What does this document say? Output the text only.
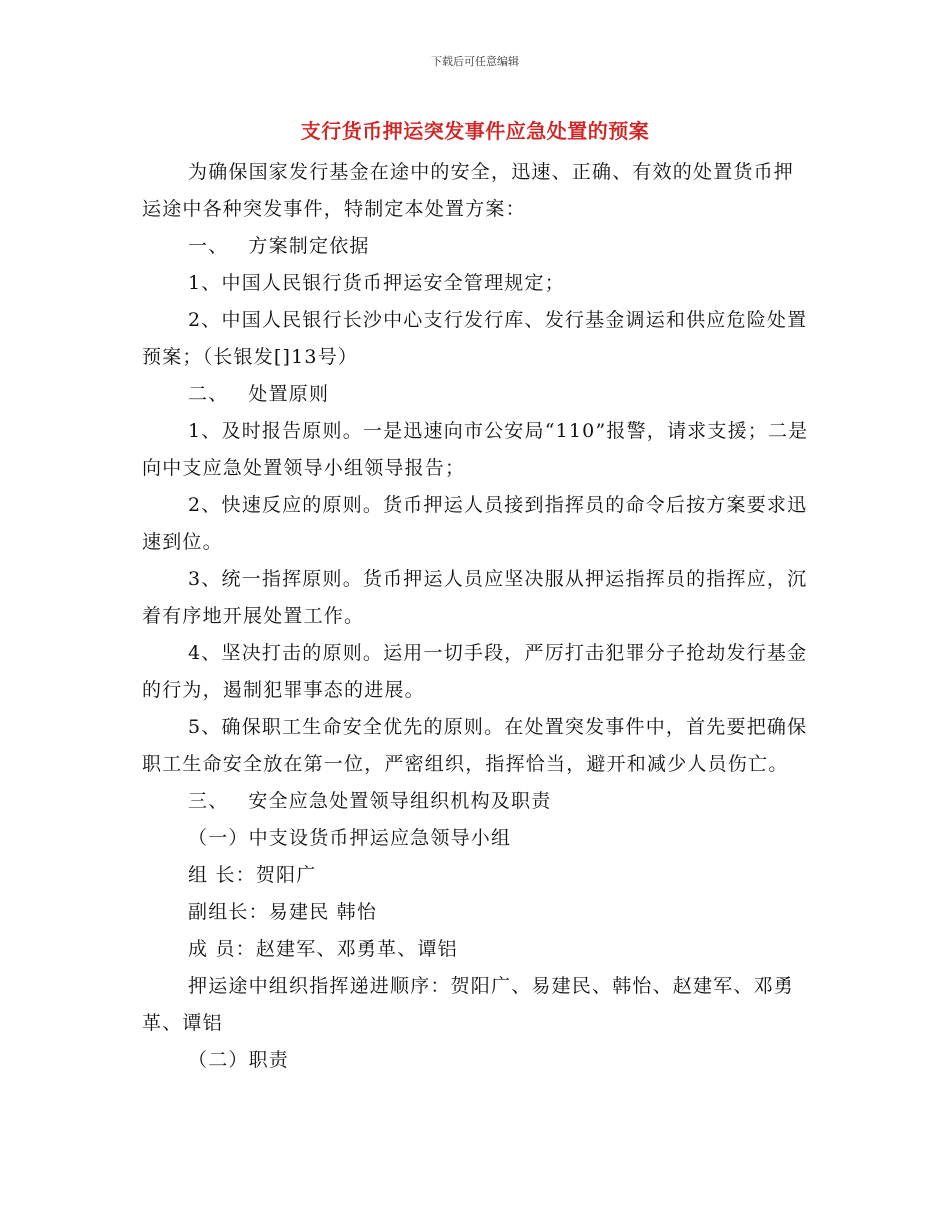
下载后可任意编辑
支行货币押运突发事件应急处置的预案

为确保国家发行基金在途中的安全，迅速、正确、有效的处置货币押运途中各种突发事件，特制定本处置方案：

一、 方案制定依据

1、中国人民银行货币押运安全管理规定；

2、中国人民银行长沙中心支行发行库、发行基金调运和供应危险处置预案；（长银发[]13号）

二、 处置原则

1、及时报告原则。一是迅速向市公安局“110”报警，请求支援；二是向中支应急处置领导小组领导报告；

2、快速反应的原则。货币押运人员接到指挥员的命令后按方案要求迅速到位。

3、统一指挥原则。货币押运人员应坚决服从押运指挥员的指挥应，沉着有序地开展处置工作。

4、坚决打击的原则。运用一切手段，严厉打击犯罪分子抢劫发行基金的行为，遏制犯罪事态的进展。

5、确保职工生命安全优先的原则。在处置突发事件中，首先要把确保职工生命安全放在第一位，严密组织，指挥恰当，避开和减少人员伤亡。

三、 安全应急处置领导组织机构及职责

（一）中支设货币押运应急领导小组

组 长：贺阳广

副组长：易建民 韩怡

成 员：赵建军、邓勇革、谭铝

押运途中组织指挥递进顺序：贺阳广、易建民、韩怡、赵建军、邓勇革、谭铝

（二）职责
